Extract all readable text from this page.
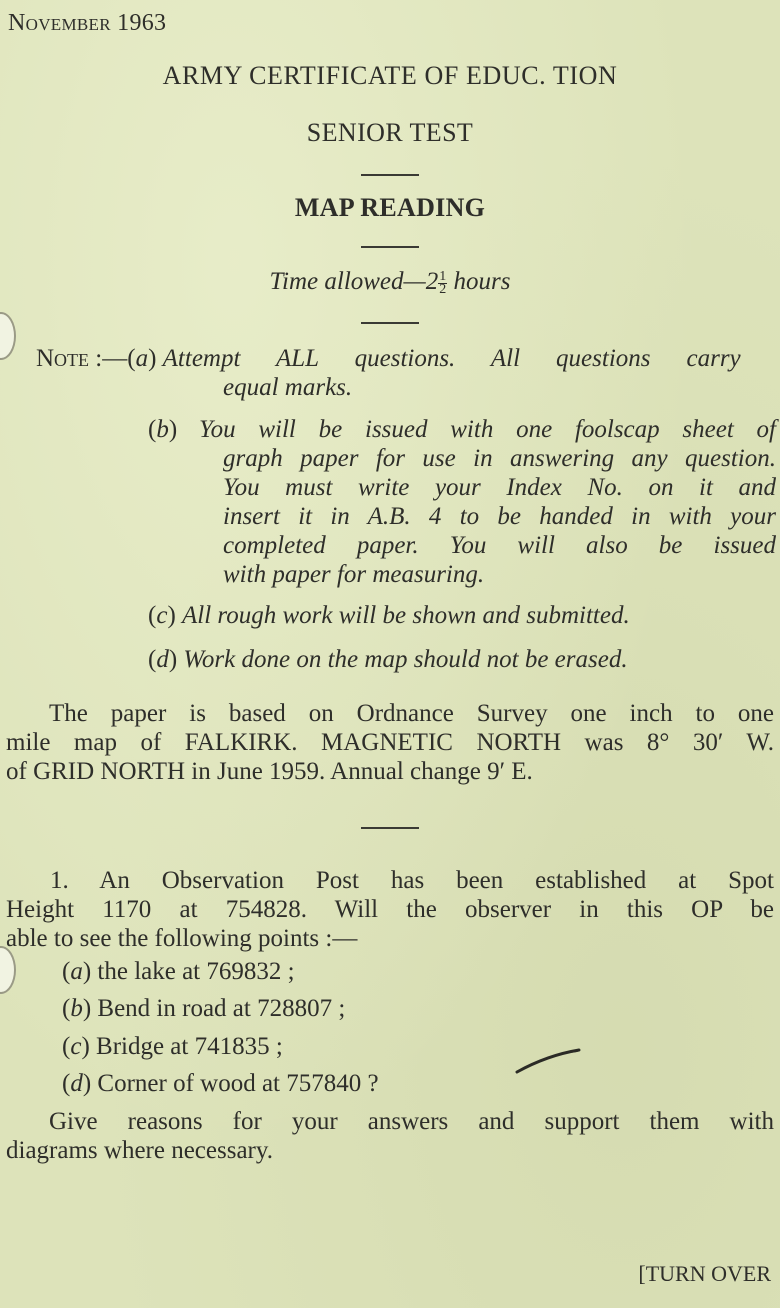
November 1963
ARMY CERTIFICATE OF EDUC. TION
SENIOR TEST
MAP READING
Time allowed—2 $\frac{1}{2}$ hours
Note :—(a) Attempt ALL questions. All questions carry
equal marks.
(b) You will be issued with one foolscap sheet of
graph paper for use in answering any question.
You must write your Index No. on it and
insert it in A.B. 4 to be handed in with your
completed paper. You will also be issued
with paper for measuring.
(c) All rough work will be shown and submitted.
(d) Work done on the map should not be erased.
The paper is based on Ordnance Survey one inch to one
mile map of FALKIRK. MAGNETIC NORTH was 8° 30′ W.
of GRID NORTH in June 1959. Annual change 9′ E.
1. An Observation Post has been established at Spot
Height 1170 at 754828. Will the observer in this OP be
able to see the following points :—
(a) the lake at 769832 ;
(b) Bend in road at 728807 ;
(c) Bridge at 741835 ;
(d) Corner of wood at 757840 ?
Give reasons for your answers and support them with
diagrams where necessary.
[TURN OVER
